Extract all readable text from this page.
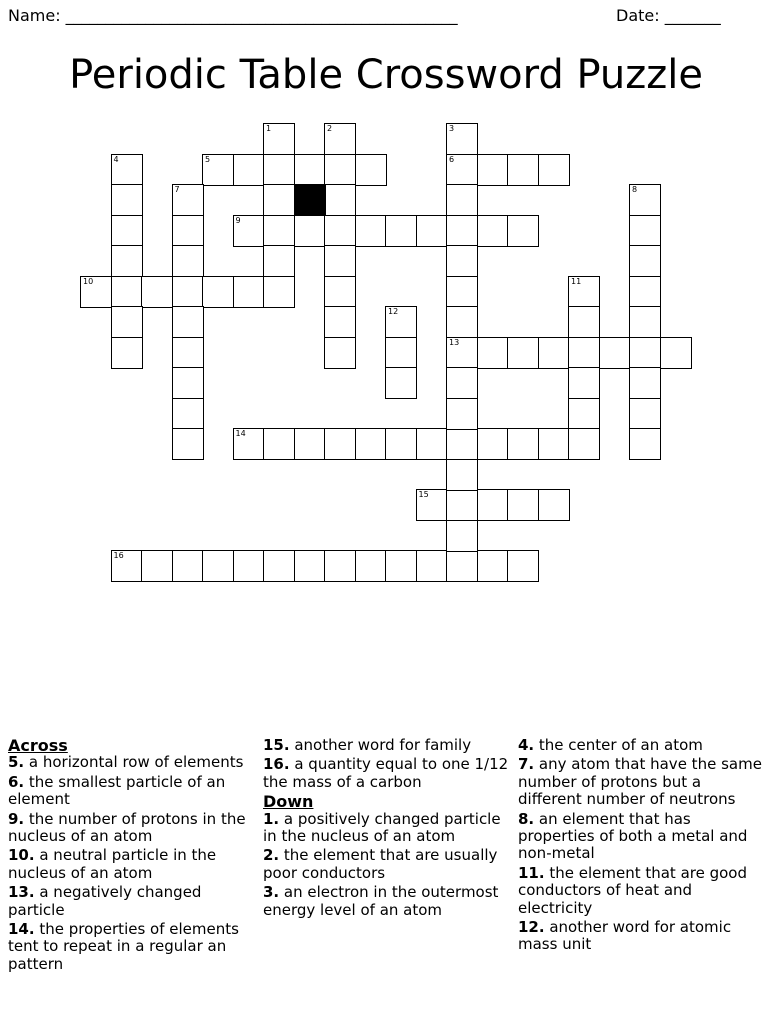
Name: _________________________________________________	Date: _______
Periodic Table Crossword Puzzle
5	6
9
10
13
14
15
16
1	2	3
4
7	8
11
12
Across
5. a horizontal row of elements
6. the smallest particle of an element
9. the number of protons in the nucleus of an atom
10. a neutral particle in the nucleus of an atom
13. a negatively changed particle
14. the properties of elements tent to repeat in a regular an pattern
15. another word for family
16. a quantity equal to one 1/12 the mass of a carbon
Down
1. a positively changed particle in the nucleus of an atom
2. the element that are usually poor conductors
3. an electron in the outermost energy level of an atom
4. the center of an atom
7. any atom that have the same number of protons but a different number of neutrons
8. an element that has properties of both a metal and non-metal
11. the element that are good conductors of heat and electricity
12. another word for atomic mass unit
